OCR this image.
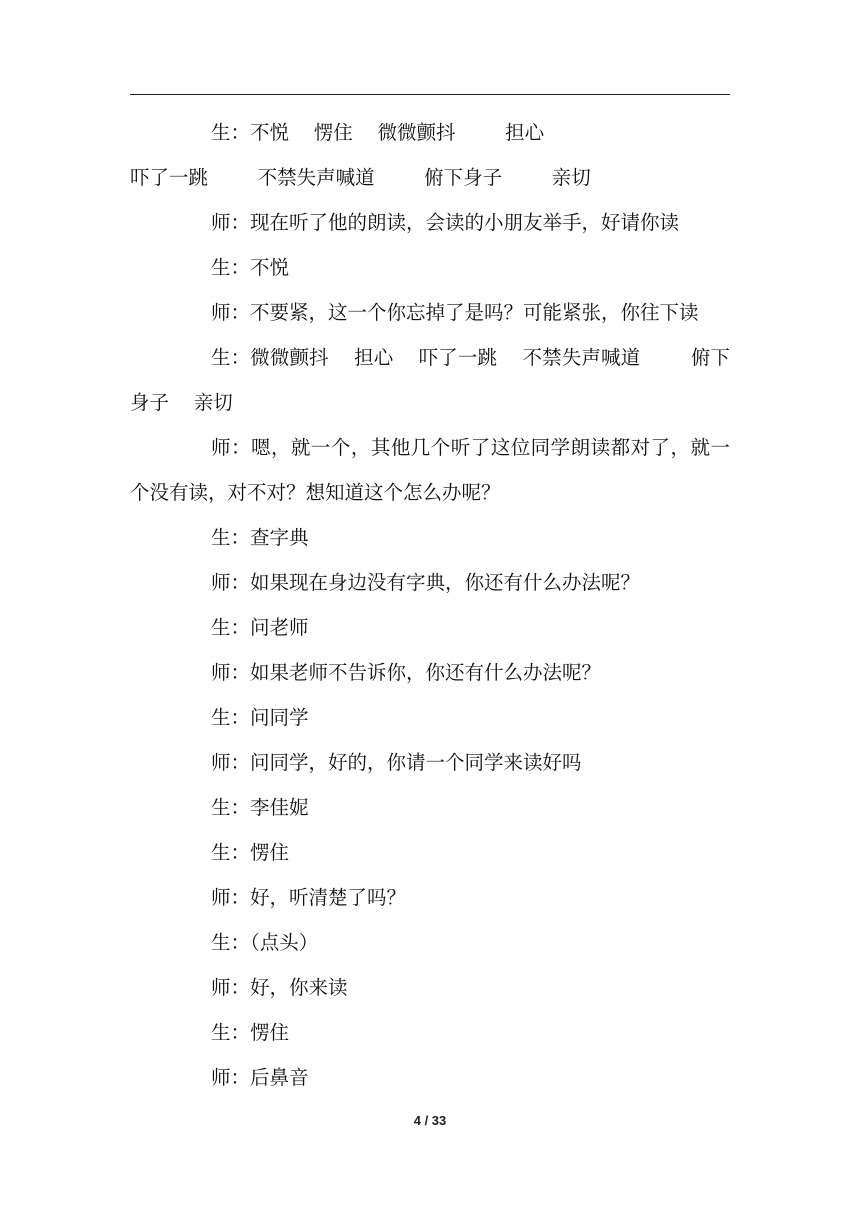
生：不悦    愣住    微微颤抖        担心

吓了一跳        不禁失声喊道        俯下身子        亲切

师：现在听了他的朗读，会读的小朋友举手，好请你读

生：不悦

师：不要紧，这一个你忘掉了是吗？可能紧张，你往下读

生：微微颤抖    担心    吓了一跳    不禁失声喊道        俯下身子    亲切

师：嗯，就一个，其他几个听了这位同学朗读都对了，就一个没有读，对不对？想知道这个怎么办呢？

生：查字典

师：如果现在身边没有字典，你还有什么办法呢？

生：问老师

师：如果老师不告诉你，你还有什么办法呢？

生：问同学

师：问同学，好的，你请一个同学来读好吗

生：李佳妮

生：愣住

师：好，听清楚了吗？

生：（点头）

师：好，你来读

生：愣住

师：后鼻音

4 / 33
